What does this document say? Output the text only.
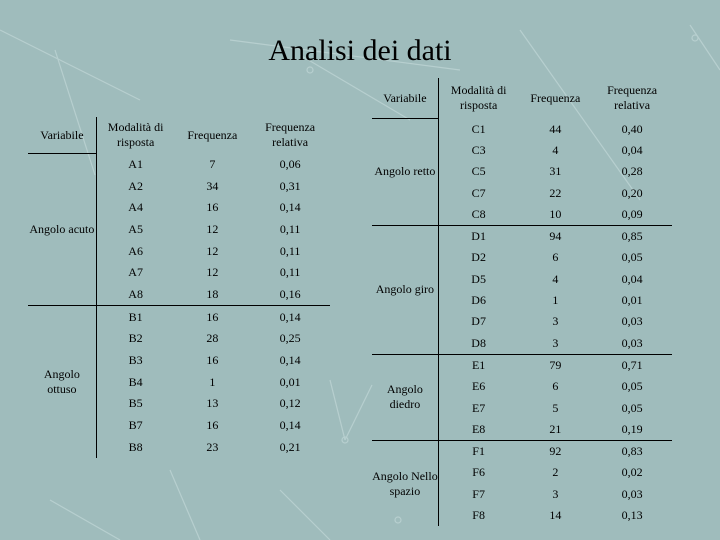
Analisi dei dati
Variabile	Modalità di risposta	Frequenza	Frequenza relativa
Angolo acuto	A1	7	0,06
	A2	34	0,31
	A4	16	0,14
	A5	12	0,11
	A6	12	0,11
	A7	12	0,11
	A8	18	0,16
Angolo ottuso	B1	16	0,14
	B2	28	0,25
	B3	16	0,14
	B4	1	0,01
	B5	13	0,12
	B7	16	0,14
	B8	23	0,21
Variabile	Modalità di risposta	Frequenza	Frequenza relativa
Angolo retto	C1	44	0,40
	C3	4	0,04
	C5	31	0,28
	C7	22	0,20
	C8	10	0,09
Angolo giro	D1	94	0,85
	D2	6	0,05
	D5	4	0,04
	D6	1	0,01
	D7	3	0,03
	D8	3	0,03
Angolo diedro	E1	79	0,71
	E6	6	0,05
	E7	5	0,05
	E8	21	0,19
Angolo Nello spazio	F1	92	0,83
	F6	2	0,02
	F7	3	0,03
	F8	14	0,13
